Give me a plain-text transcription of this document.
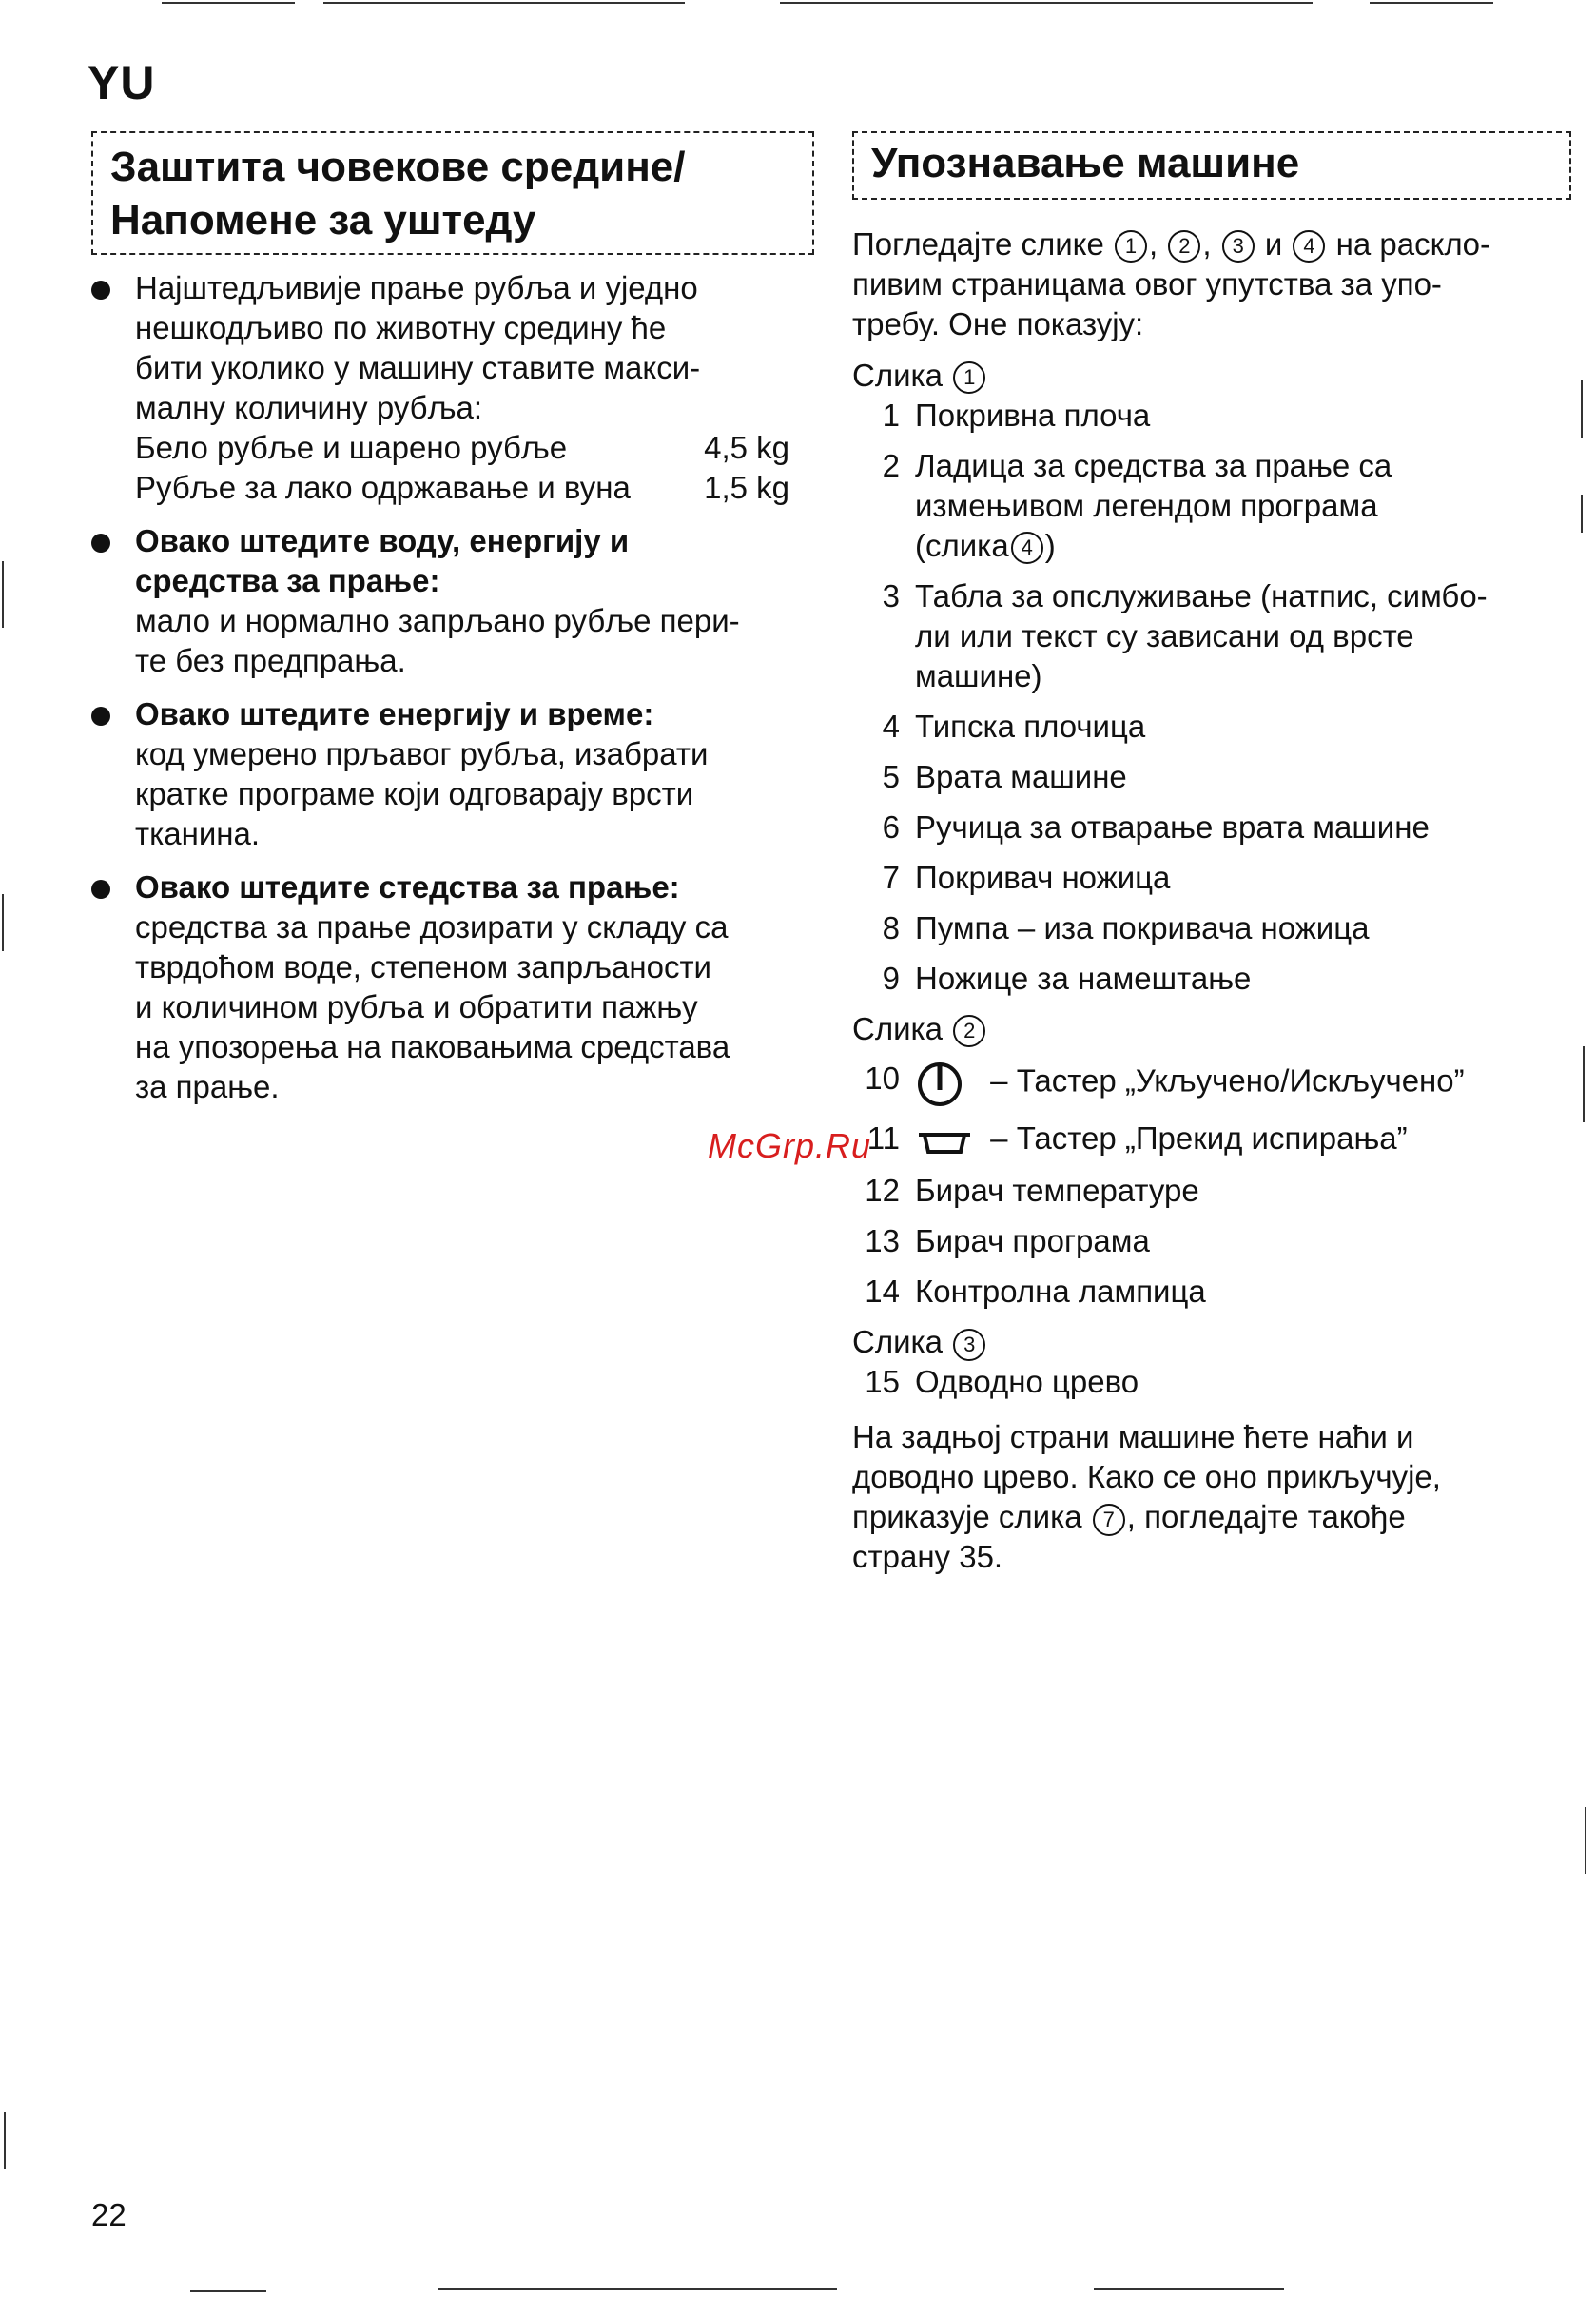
YU
Заштита човекове средине/
Напомене за уштеду
Најштедљивије прање рубља и уједно
нешкодљиво по животну средину ће
бити уколико у машину ставите макси-
малну количину рубља:
Бело рубље и шарено рубље	4,5 kg
Рубље за лако одржавање и вуна 1,5 kg
Овако штедите воду, енергију и
средства за прање:
мало и нормално запрљано рубље пери-
те без предпрања.
Овако штедите енергију и време:
код умерено прљавог рубља, изабрати
кратке програме који одговарају врсти
тканина.
Овако штедите стедства за прање:
средства за прање дозирати у складу са
тврдоћом воде, степеном запрљаности
и количином рубља и обратити пажњу
на упозорења на паковањима средстава
за прање.
Упознавање машине
Погледајте слике 1 , 2 , 3 и 4 на расклo-
пивим страницама овог упутства за упо-
требу. Оне показују:
Слика 1
1 Покривна плоча
2 Ладица за средства за прање са
измењивом легендом програма
(слика 4 )
3 Табла за опслуживање (натпис, симбо-
ли или текст су зависани од врсте
машине)
4 Типска плочица
5 Врата машине
6 Ручица за отварање врата машине
7 Покривач ножица
8 Пумпа – иза покривача ножица
9 Ножице за намештање
Слика 2
10	– Тастер „Укључено/Искључено”
11	– Тастер „Прекид испирања”
12 Бирач температуре
13 Бирач програма
14 Контролна лампица
Слика 3
15 Одводно црево
На задњој страни машине ћете наћи и
доводно црево. Како се оно прикључује,
приказује слика 7 , погледајте такође
страну 35.
McGrp.Ru
22
